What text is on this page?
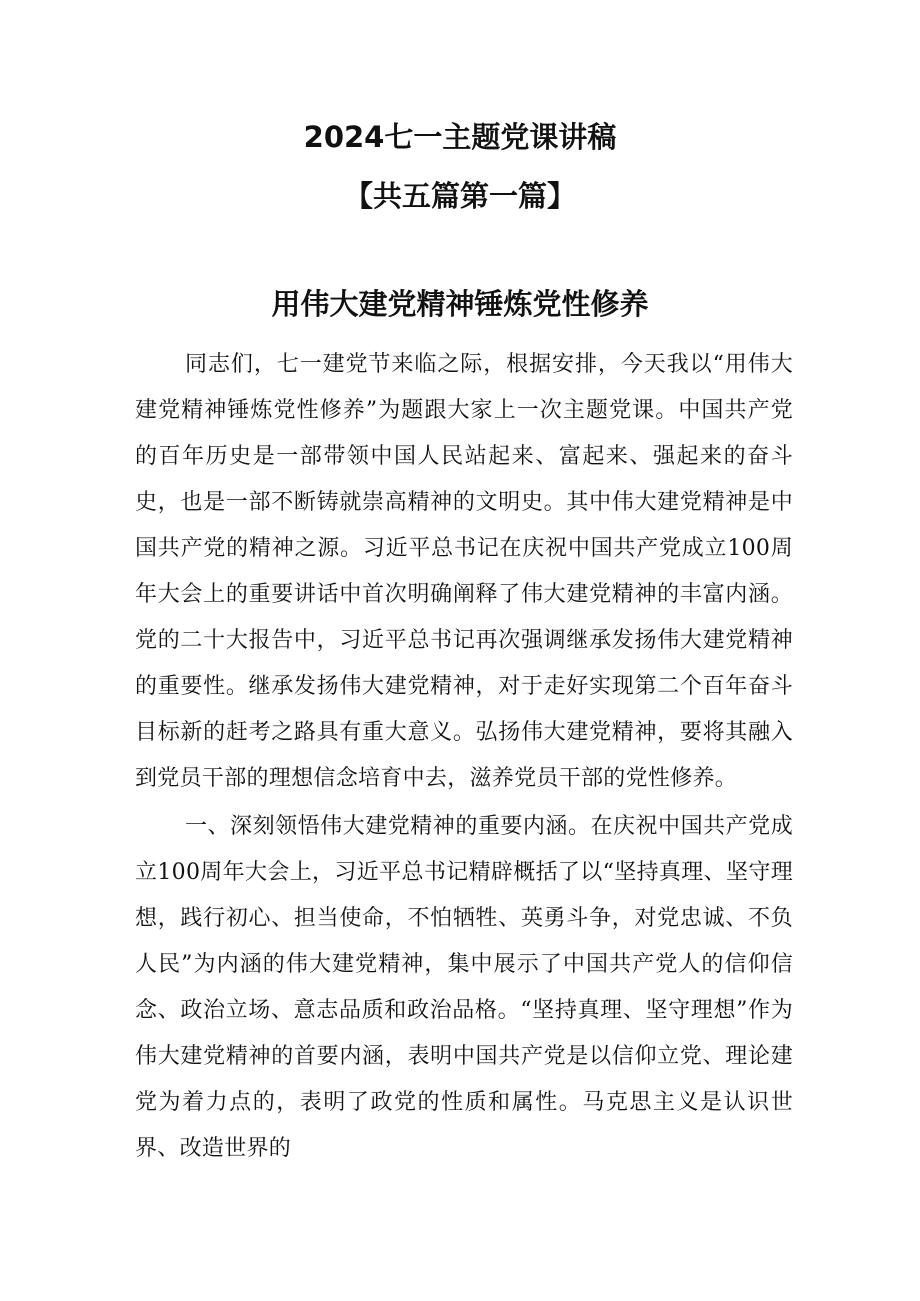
2024七一主题党课讲稿
【共五篇第一篇】
用伟大建党精神锤炼党性修养

同志们，七一建党节来临之际，根据安排，今天我以“用伟大建党精神锤炼党性修养”为题跟大家上一次主题党课。中国共产党的百年历史是一部带领中国人民站起来、富起来、强起来的奋斗史，也是一部不断铸就崇高精神的文明史。其中伟大建党精神是中国共产党的精神之源。习近平总书记在庆祝中国共产党成立100周年大会上的重要讲话中首次明确阐释了伟大建党精神的丰富内涵。党的二十大报告中，习近平总书记再次强调继承发扬伟大建党精神的重要性。继承发扬伟大建党精神，对于走好实现第二个百年奋斗目标新的赶考之路具有重大意义。弘扬伟大建党精神，要将其融入到党员干部的理想信念培育中去，滋养党员干部的党性修养。

一、深刻领悟伟大建党精神的重要内涵。在庆祝中国共产党成立100周年大会上，习近平总书记精辟概括了以“坚持真理、坚守理想，践行初心、担当使命，不怕牺牲、英勇斗争，对党忠诚、不负人民”为内涵的伟大建党精神，集中展示了中国共产党人的信仰信念、政治立场、意志品质和政治品格。“坚持真理、坚守理想”作为伟大建党精神的首要内涵，表明中国共产党是以信仰立党、理论建党为着力点的，表明了政党的性质和属性。马克思主义是认识世界、改造世界的
